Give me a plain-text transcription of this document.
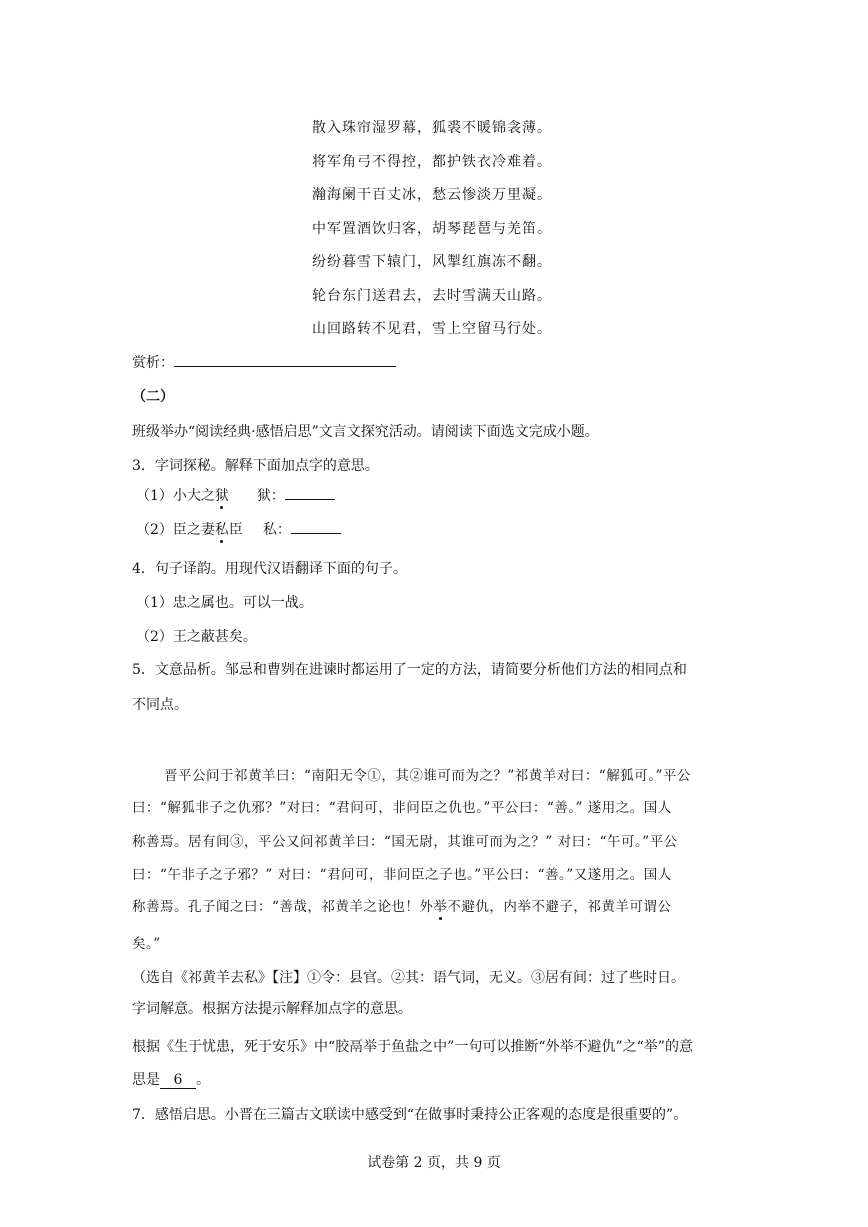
散入珠帘湿罗幕，狐裘不暖锦衾薄。
将军角弓不得控，都护铁衣冷难着。
瀚海阑干百丈冰，愁云惨淡万里凝。
中军置酒饮归客，胡琴琵琶与羌笛。
纷纷暮雪下辕门，风掣红旗冻不翻。
轮台东门送君去，去时雪满天山路。
山回路转不见君，雪上空留马行处。
赏析：
（二）
班级举办“阅读经典·感悟启思”文言文探究活动。请阅读下面选文完成小题。
3．字词探秘。解释下面加点字的意思。
（1）小大之狱 狱：
（2）臣之妻私臣 私：
4．句子译韵。用现代汉语翻译下面的句子。
（1）忠之属也。可以一战。
（2）王之蔽甚矣。
5．文意品析。邹忌和曹刿在进谏时都运用了一定的方法，请简要分析他们方法的相同点和
不同点。
晋平公问于祁黄羊曰：“南阳无令①，其②谁可而为之？”祁黄羊对曰：“解狐可。”平公
曰：“解狐非子之仇邪？”对曰：“君问可，非问臣之仇也。”平公曰：“善。” 遂用之。国人
称善焉。居有间③，平公又问祁黄羊曰：“国无尉，其谁可而为之？” 对曰：“午可。”平公
曰：“午非子之子邪？” 对曰：“君问可，非问臣之子也。”平公曰：“善。”又遂用之。国人
称善焉。孔子闻之曰：“善哉，祁黄羊之论也！外举不避仇，内举不避子，祁黄羊可谓公
矣。”
（选自《祁黄羊去私》【注】①令：县官。②其：语气词，无义。③居有间：过了些时日。
字词解意。根据方法提示解释加点字的意思。
根据《生于忧患，死于安乐》中“胶鬲举于鱼盐之中”一句可以推断“外举不避仇”之“举”的意
思是 6 。
7．感悟启思。小晋在三篇古文联读中感受到“在做事时秉持公正客观的态度是很重要的”。
试卷第 2 页，共 9 页
